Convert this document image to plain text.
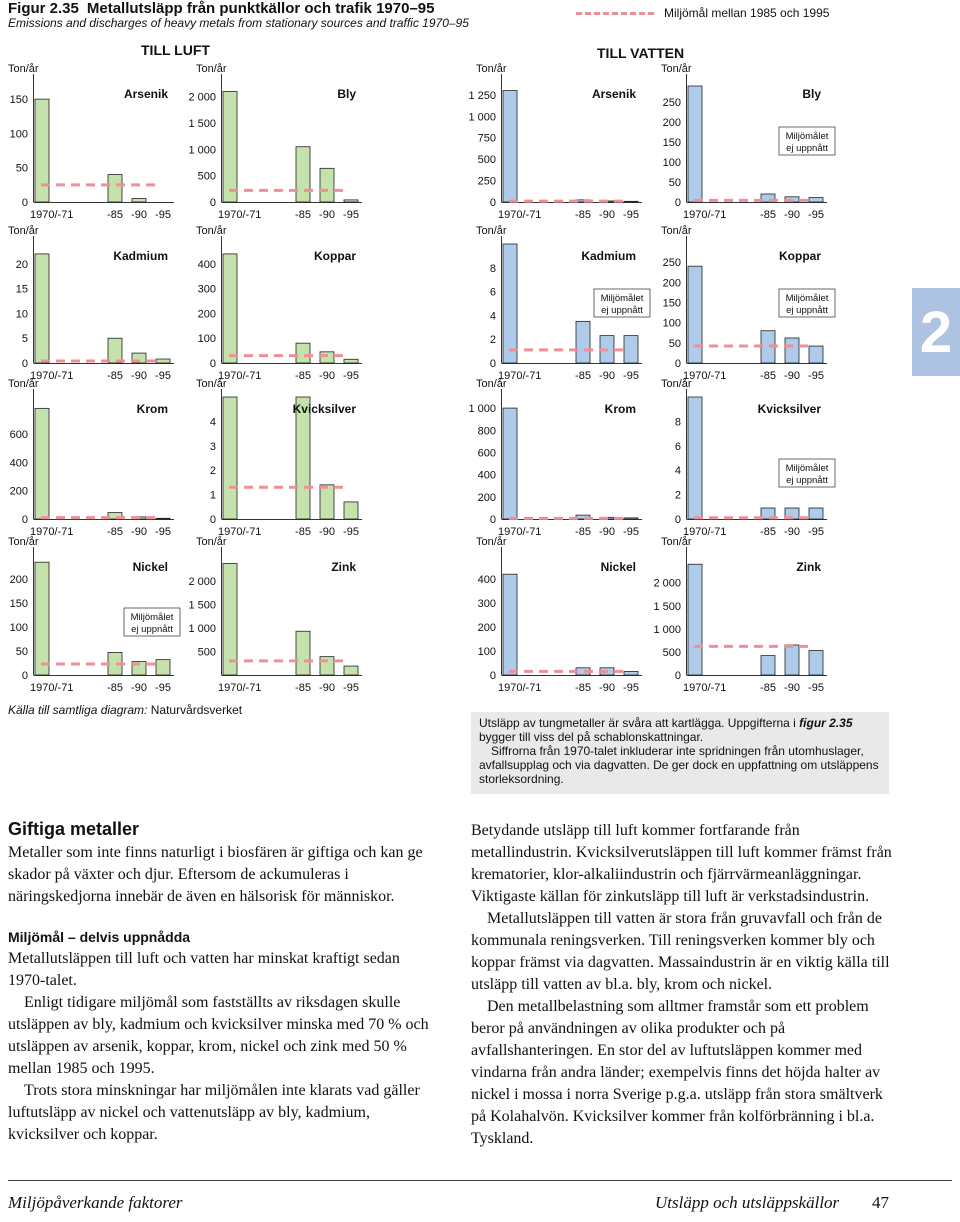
Figur 2.35 Metallutsläpp från punktkällor och trafik 1970–95
Emissions and discharges of heavy metals from stationary sources and traffic 1970–95
Miljömål mellan 1985 och 1995
TILL LUFT	TILL VATTEN
Ton/år
0
50
100
150
1970/-71	-85 -90 -95
Arsenik
Ton/år
0
500
1 000
1 500
2 000
1970/-71	-85 -90 -95
Bly
Ton/år
0
5
10
15
20
1970/-71	-85 -90 -95
Kadmium
Ton/år
0
100
200
300
400
1970/-71	-85 -90 -95
Koppar
Ton/år
0
200
400
600
1970/-71	-85 -90 -95
Krom
Ton/år
0
1
2
3
4
1970/-71	-85 -90 -95
Kvicksilver
Ton/år
0
50
100
150
200
1970/-71	-85 -90 -95
Nickel
Miljömålet
ej uppnått
Ton/år
500
1 000
1 500
2 000
1970/-71	-85 -90 -95
Zink
Ton/år
0
250
500
750
1 000
1 250
1970/-71	-85 -90 -95
Arsenik
Ton/år
0
50
100
150
200
250
1970/-71	-85 -90 -95
Bly
Miljömålet
ej uppnått
Ton/år
0
2
4
6
8
1970/-71	-85 -90 -95
Kadmium
Miljömålet
ej uppnått
Ton/år
0
50
100
150
200
250
1970/-71	-85 -90 -95
Koppar
Miljömålet
ej uppnått
Ton/år
0
200
400
600
800
1 000
1970/-71	-85 -90 -95
Krom
Ton/år
0
2
4
6
8
1970/-71	-85 -90 -95
Kvicksilver
Miljömålet
ej uppnått
Ton/år
0
100
200
300
400
1970/-71	-85 -90 -95
Nickel
Ton/år
0
500
1 000
1 500
2 000
1970/-71	-85 -90 -95
Zink
Källa till samtliga diagram: Naturvårdsverket

Utsläpp av tungmetaller är svåra att kartlägga. Uppgifterna i figur 2.35 bygger till viss del på schablonskattningar.

Siffrorna från 1970-talet inkluderar inte spridningen från utomhuslager, avfallsupplag och via dagvatten. De ger dock en uppfattning om utsläppens storleksordning.

Giftiga metaller

Metaller som inte finns naturligt i biosfären är giftiga och kan ge skador på växter och djur. Eftersom de ackumuleras i näringskedjorna innebär de även en hälsorisk för människor.

Miljömål – delvis uppnådda

Metallutsläppen till luft och vatten har minskat kraftigt sedan 1970-talet.

Enligt tidigare miljömål som fastställts av riksdagen skulle utsläppen av bly, kadmium och kvicksilver minska med 70 % och utsläppen av arsenik, koppar, krom, nickel och zink med 50 % mellan 1985 och 1995.

Trots stora minskningar har miljömålen inte klarats vad gäller luftutsläpp av nickel och vattenutsläpp av bly, kadmium, kvicksilver och koppar.

Betydande utsläpp till luft kommer fortfarande från metallindustrin. Kvicksilverutsläppen till luft kommer främst från krematorier, klor-alkaliindustrin och fjärrvärmeanläggningar. Viktigaste källan för zinkutsläpp till luft är verkstadsindustrin.

Metallutsläppen till vatten är stora från gruvavfall och från de kommunala reningsverken. Till reningsverken kommer bly och koppar främst via dagvatten. Massaindustrin är en viktig källa till utsläpp till vatten av bl.a. bly, krom och nickel.

Den metallbelastning som alltmer framstår som ett problem beror på användningen av olika produkter och på avfallshanteringen. En stor del av luftutsläppen kommer med vindarna från andra länder; exempelvis finns det höjda halter av nickel i mossa i norra Sverige p.g.a. utsläpp från stora smältverk på Kolahalvön. Kvicksilver kommer från kolförbränning i bl.a. Tyskland.

2
Miljöpåverkande faktorer	Utsläpp och utsläppskällor 47
